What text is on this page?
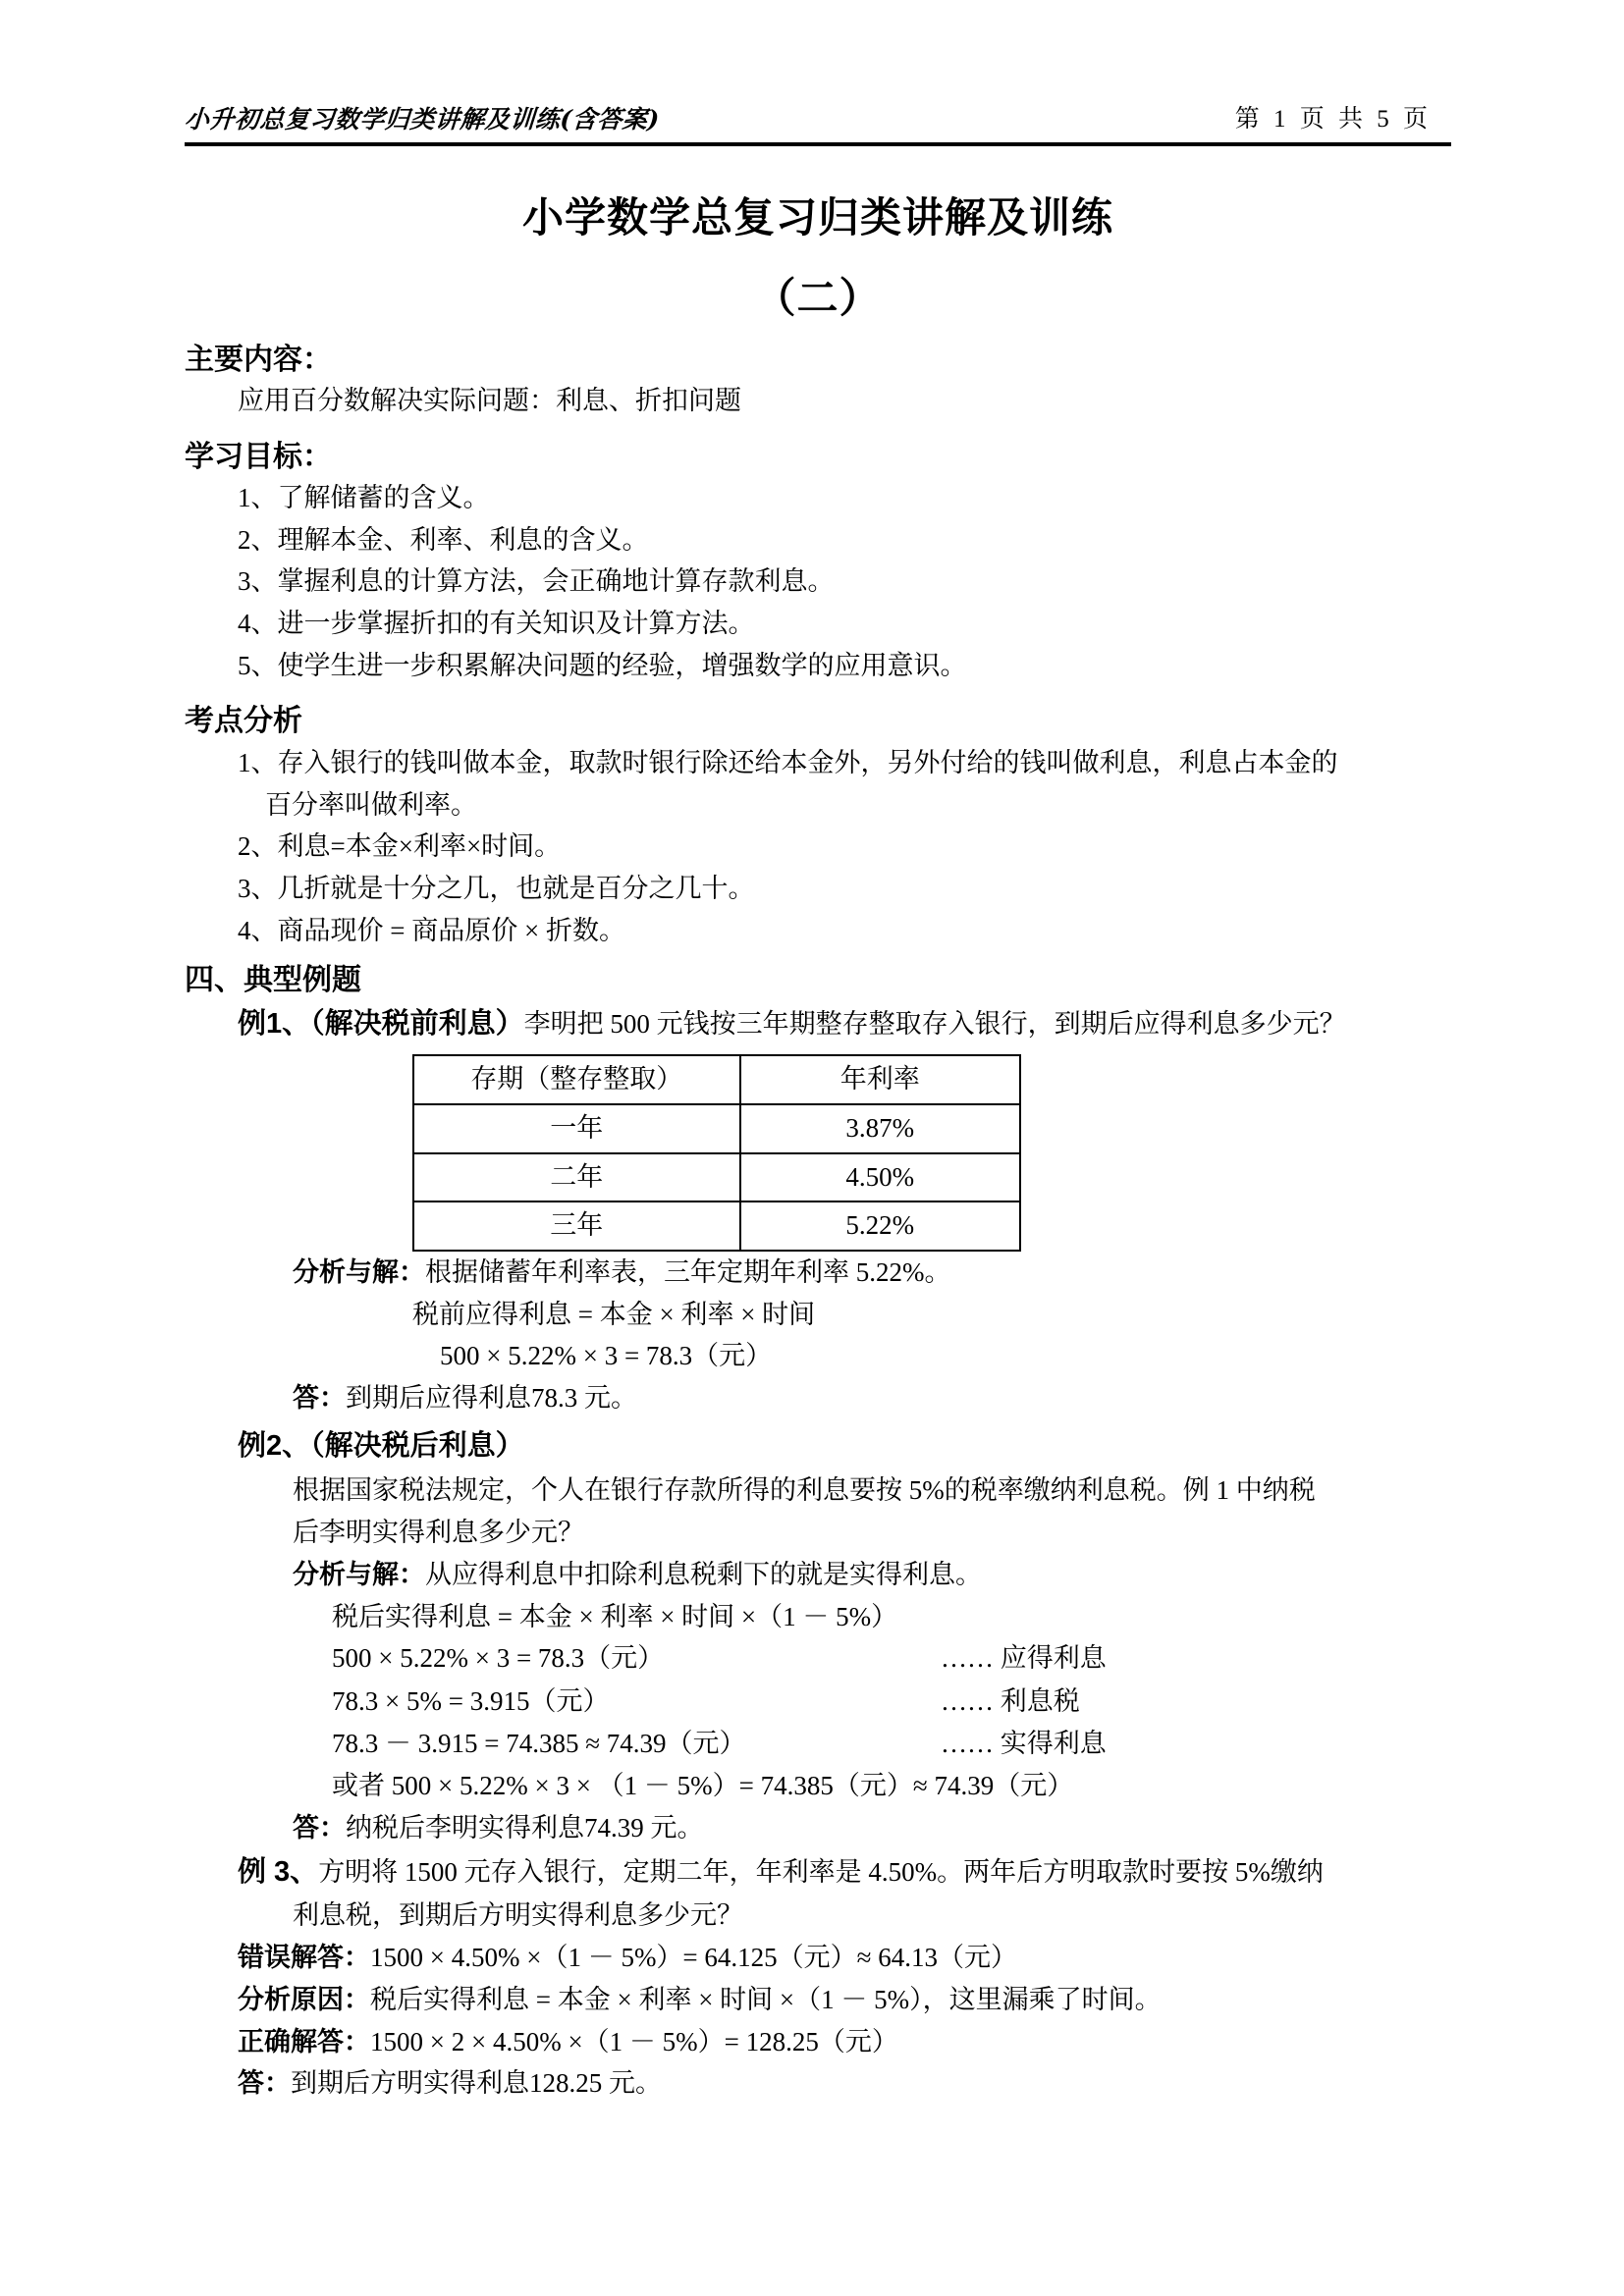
小升初总复习数学归类讲解及训练(含答案)	第 1 页 共 5 页
小学数学总复习归类讲解及训练
（二）
主要内容：
应用百分数解决实际问题：利息、折扣问题
学习目标：
1、了解储蓄的含义。
2、理解本金、利率、利息的含义。
3、掌握利息的计算方法，会正确地计算存款利息。
4、进一步掌握折扣的有关知识及计算方法。
5、使学生进一步积累解决问题的经验，增强数学的应用意识。
考点分析
1、存入银行的钱叫做本金，取款时银行除还给本金外，另外付给的钱叫做利息，利息占本金的
百分率叫做利率。
2、利息=本金×利率×时间。
3、几折就是十分之几，也就是百分之几十。
4、商品现价 = 商品原价 × 折数。
四、典型例题
例1、（解决税前利息）李明把 500 元钱按三年期整存整取存入银行，到期后应得利息多少元？
存期（整存整取）	年利率
一年	3.87%
二年	4.50%
三年	5.22%
分析与解：根据储蓄年利率表，三年定期年利率 5.22%。
税前应得利息 = 本金 × 利率 × 时间
500 × 5.22% × 3 = 78.3（元）
答：到期后应得利息78.3 元。
例2、（解决税后利息）
根据国家税法规定，个人在银行存款所得的利息要按 5%的税率缴纳利息税。例 1 中纳税
后李明实得利息多少元？
分析与解：从应得利息中扣除利息税剩下的就是实得利息。
税后实得利息 = 本金 × 利率 × 时间 ×（1 － 5%）
500 × 5.22% × 3 = 78.3（元）	…… 应得利息
78.3 × 5% = 3.915（元）	…… 利息税
78.3 － 3.915 = 74.385 ≈ 74.39（元）	…… 实得利息
或者 500 × 5.22% × 3 × （1 － 5%）= 74.385（元）≈ 74.39（元）
答：纳税后李明实得利息74.39 元。
例 3、方明将 1500 元存入银行，定期二年，年利率是 4.50%。两年后方明取款时要按 5%缴纳
利息税，到期后方明实得利息多少元？
错误解答：1500 × 4.50% ×（1 － 5%）= 64.125（元）≈ 64.13（元）
分析原因：税后实得利息 = 本金 × 利率 × 时间 ×（1 － 5%），这里漏乘了时间。
正确解答：1500 × 2 × 4.50% ×（1 － 5%）= 128.25（元）
答：到期后方明实得利息128.25 元。
